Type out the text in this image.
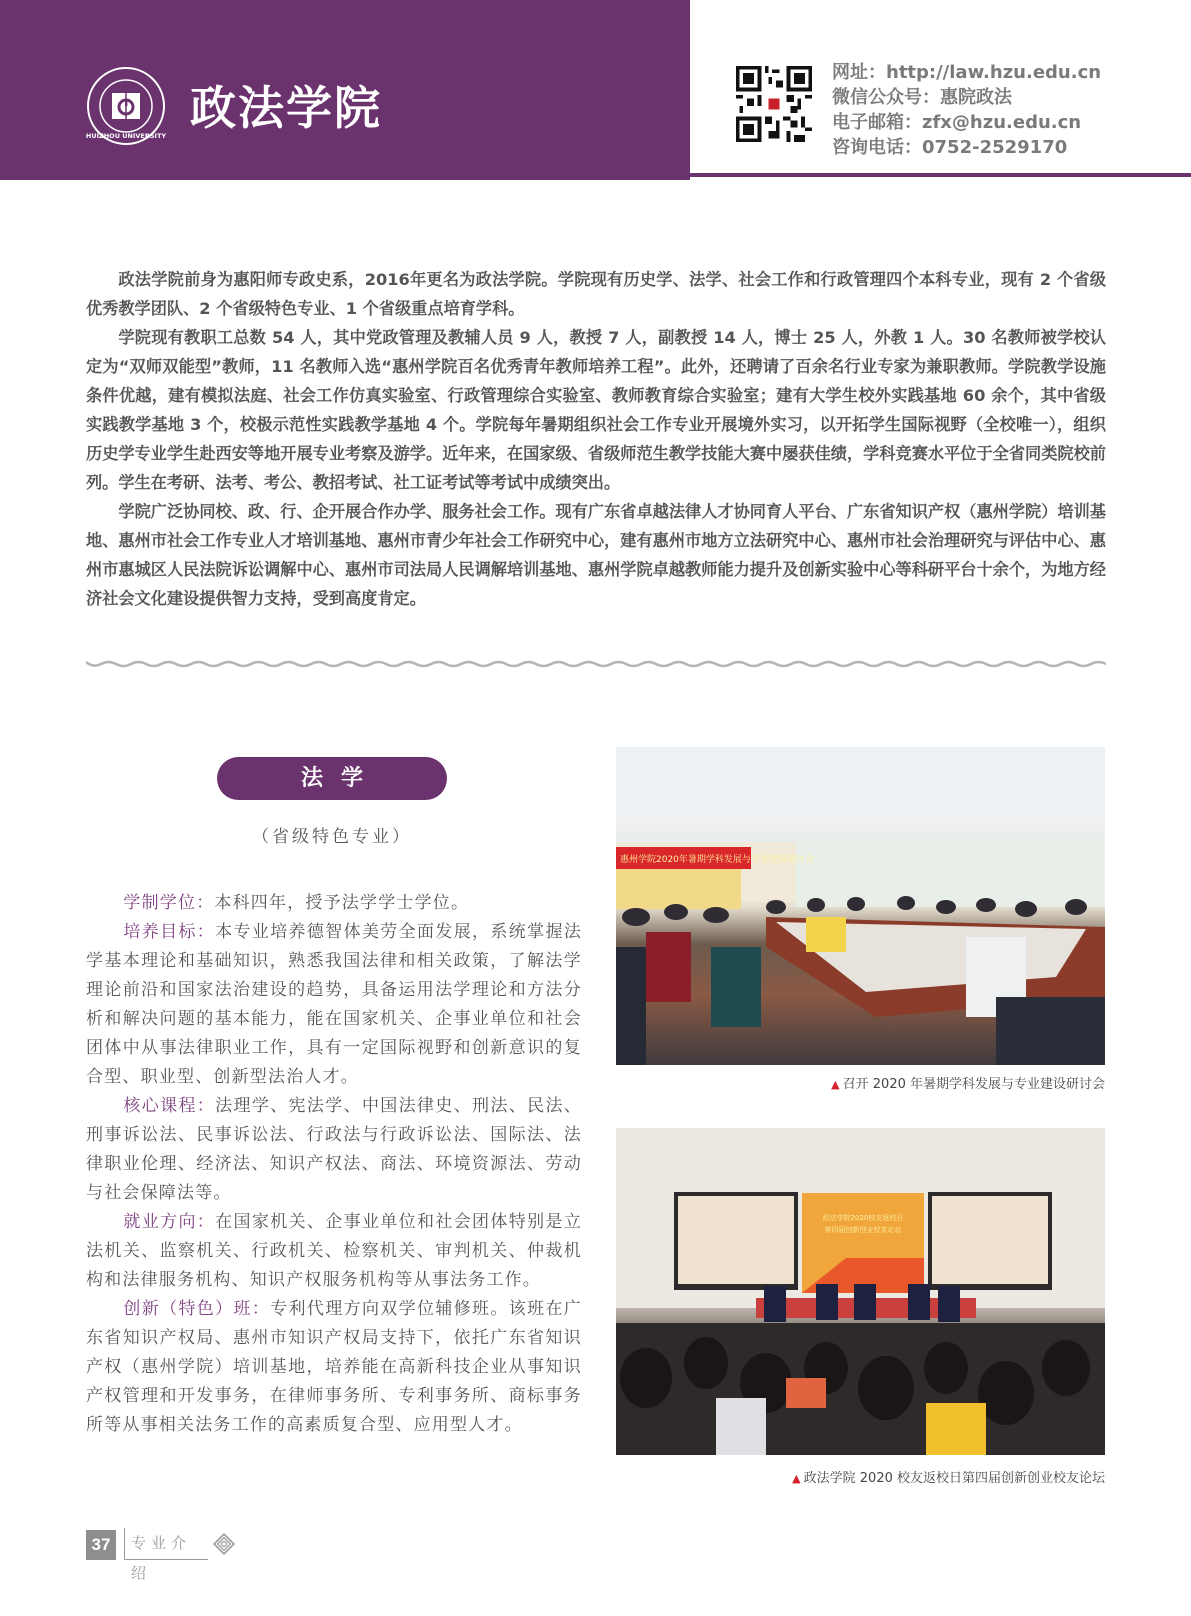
HUIZHOU UNIVERSITY
政法学院
网址：http://law.hzu.edu.cn
微信公众号：惠院政法
电子邮箱：zfx@hzu.edu.cn
咨询电话：0752-2529170

政法学院前身为惠阳师专政史系，2016年更名为政法学院。学院现有历史学、法学、社会工作和行政管理四个本科专业，现有 2 个省级优秀教学团队、2 个省级特色专业、1 个省级重点培育学科。

学院现有教职工总数 54 人，其中党政管理及教辅人员 9 人，教授 7 人，副教授 14 人，博士 25 人，外教 1 人。30 名教师被学校认定为“双师双能型”教师，11 名教师入选“惠州学院百名优秀青年教师培养工程”。此外，还聘请了百余名行业专家为兼职教师。学院教学设施条件优越，建有模拟法庭、社会工作仿真实验室、行政管理综合实验室、教师教育综合实验室；建有大学生校外实践基地 60 余个，其中省级实践教学基地 3 个，校极示范性实践教学基地 4 个。学院每年暑期组织社会工作专业开展境外实习，以开拓学生国际视野（全校唯一），组织历史学专业学生赴西安等地开展专业考察及游学。近年来，在国家级、省级师范生教学技能大赛中屡获佳绩，学科竞赛水平位于全省同类院校前列。学生在考研、法考、考公、教招考试、社工证考试等考试中成绩突出。

学院广泛协同校、政、行、企开展合作办学、服务社会工作。现有广东省卓越法律人才协同育人平台、广东省知识产权（惠州学院）培训基地、惠州市社会工作专业人才培训基地、惠州市青少年社会工作研究中心，建有惠州市地方立法研究中心、惠州市社会治理研究与评估中心、惠州市惠城区人民法院诉讼调解中心、惠州市司法局人民调解培训基地、惠州学院卓越教师能力提升及创新实验中心等科研平台十余个，为地方经济社会文化建设提供智力支持，受到高度肯定。

法学
（省级特色专业）

学制学位：本科四年，授予法学学士学位。

培养目标：本专业培养德智体美劳全面发展，系统掌握法学基本理论和基础知识，熟悉我国法律和相关政策，了解法学理论前沿和国家法治建设的趋势，具备运用法学理论和方法分析和解决问题的基本能力，能在国家机关、企事业单位和社会团体中从事法律职业工作，具有一定国际视野和创新意识的复合型、职业型、创新型法治人才。

核心课程：法理学、宪法学、中国法律史、刑法、民法、刑事诉讼法、民事诉讼法、行政法与行政诉讼法、国际法、法律职业伦理、经济法、知识产权法、商法、环境资源法、劳动与社会保障法等。

就业方向：在国家机关、企事业单位和社会团体特别是立法机关、监察机关、行政机关、检察机关、审判机关、仲裁机构和法律服务机构、知识产权服务机构等从事法务工作。

创新（特色）班：专利代理方向双学位辅修班。该班在广东省知识产权局、惠州市知识产权局支持下，依托广东省知识产权（惠州学院）培训基地，培养能在高新科技企业从事知识产权管理和开发事务，在律师事务所、专利事务所、商标事务所等从事相关法务工作的高素质复合型、应用型人才。

惠州学院2020年暑期学科发展与专业建设研讨会
▲ 召开 2020 年暑期学科发展与专业建设研讨会
政法学院2020校友返校日
第四届创新创业校友论坛
▲ 政法学院 2020 校友返校日第四届创新创业校友论坛
37	专业介绍
